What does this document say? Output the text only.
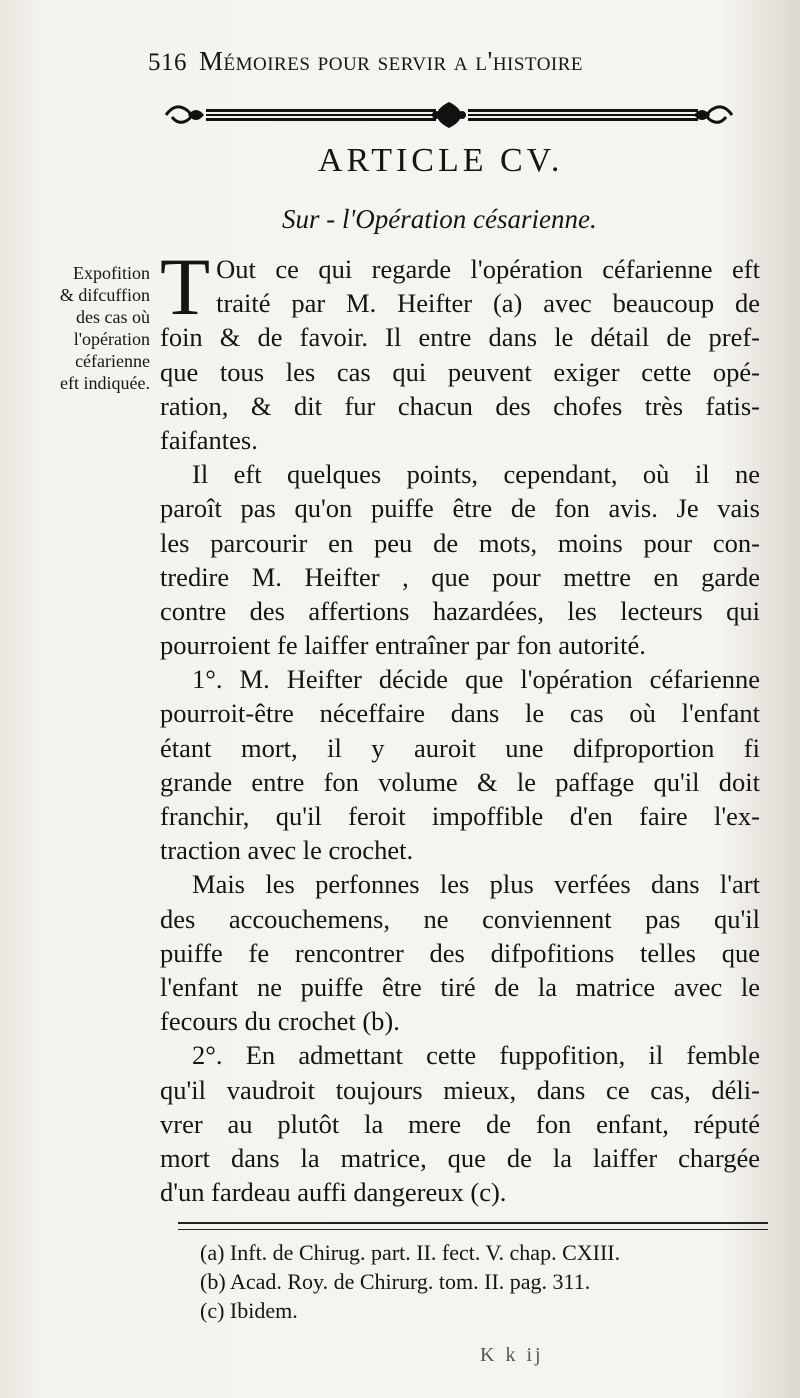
516 Mémoires pour servir a l'histoire
ARTICLE CV.
Sur - l'Opération césarienne.
Expofition
& difcuffion
des cas où
l'opération
céfarienne
eft indiquée.
T Out ce qui regarde l'opération céfarienne eft
traité par M. Heifter (a) avec beaucoup de
foin & de favoir. Il entre dans le détail de pref-
que tous les cas qui peuvent exiger cette opé-
ration, & dit fur chacun des chofes très fatis-
faifantes.
Il eft quelques points, cependant, où il ne
paroît pas qu'on puiffe être de fon avis. Je vais
les parcourir en peu de mots, moins pour con-
tredire M. Heifter , que pour mettre en garde
contre des affertions hazardées, les lecteurs qui
pourroient fe laiffer entraîner par fon autorité.
1°. M. Heifter décide que l'opération céfarienne
pourroit-être néceffaire dans le cas où l'enfant
étant mort, il y auroit une difproportion fi
grande entre fon volume & le paffage qu'il doit
franchir, qu'il feroit impoffible d'en faire l'ex-
traction avec le crochet.
Mais les perfonnes les plus verfées dans l'art
des accouchemens, ne conviennent pas qu'il
puiffe fe rencontrer des difpofitions telles que
l'enfant ne puiffe être tiré de la matrice avec le
fecours du crochet (b).
2°. En admettant cette fuppofition, il femble
qu'il vaudroit toujours mieux, dans ce cas, déli-
vrer au plutôt la mere de fon enfant, réputé
mort dans la matrice, que de la laiffer chargée
d'un fardeau auffi dangereux (c).
(a) Inft. de Chirug. part. II. fect. V. chap. CXIII.
(b) Acad. Roy. de Chirurg. tom. II. pag. 311.
(c) Ibidem.
K k ij
